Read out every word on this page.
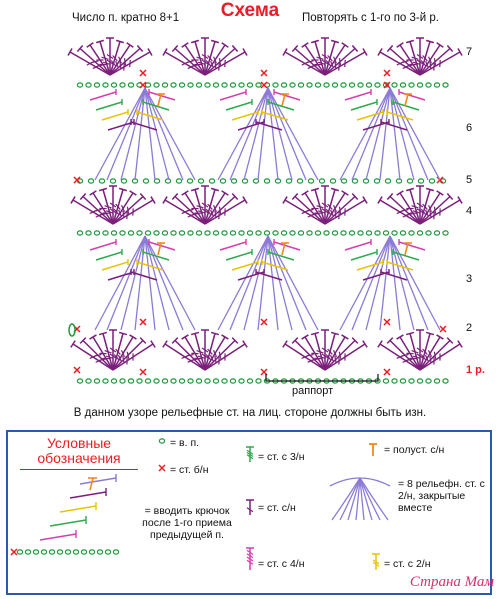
Схема
Число п. кратно 8+1	Повторять с 1-го по 3-й р.
7
6
5
4
3
2
1 р.
раппорт
В данном узоре рельефные ст. на лиц. стороне должны быть изн.
Условные
обозначения
= в. п.
= ст. б/н
= ст. с 3/н
= полуст. с/н
= 8 рельефн. ст. с 2/н, закрытые вместе
= вводить крючок после 1-го приема предыдущей п.
= ст. с/н
= ст. с 4/н	= ст. с 2/н
Страна Мам
